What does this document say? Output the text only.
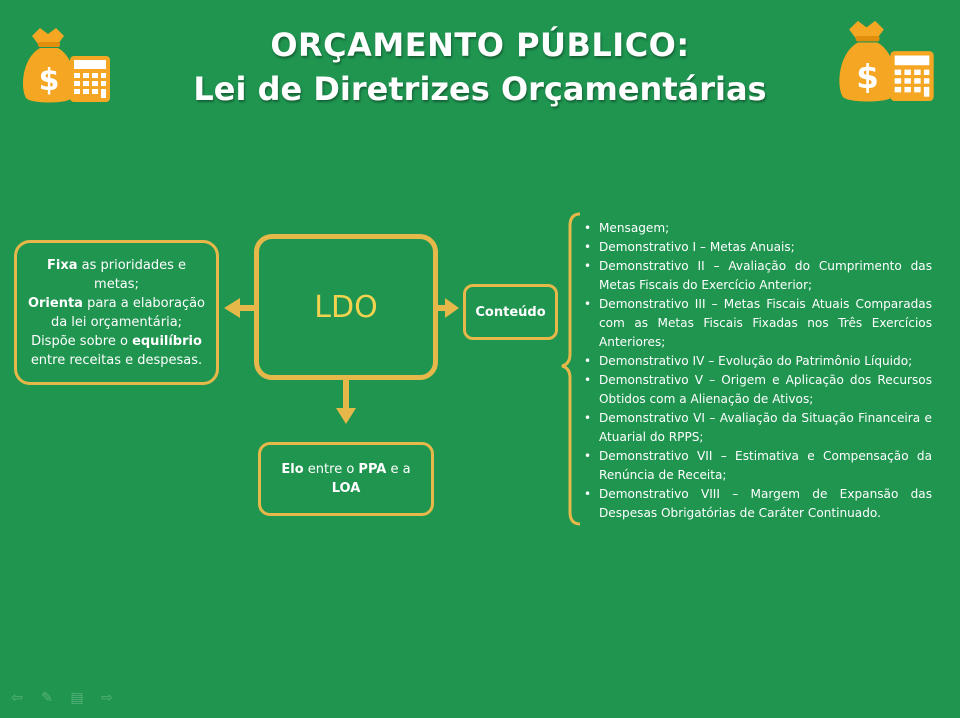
ORÇAMENTO PÚBLICO:
Lei de Diretrizes Orçamentárias
$	$
Fixa as prioridades e metas;
Orienta para a elaboração da lei orçamentária;
Dispõe sobre o equilíbrio entre receitas e despesas.
LDO	Conteúdo
Elo entre o PPA e a
LOA
• Mensagem;
• Demonstrativo I – Metas Anuais;
• Demonstrativo II – Avaliação do Cumprimento das Metas Fiscais do Exercício Anterior;
• Demonstrativo III – Metas Fiscais Atuais Comparadas com as Metas Fiscais Fixadas nos Três Exercícios Anteriores;
• Demonstrativo IV – Evolução do Patrimônio Líquido;
• Demonstrativo V – Origem e Aplicação dos Recursos Obtidos com a Alienação de Ativos;
• Demonstrativo VI – Avaliação da Situação Financeira e Atuarial do RPPS;
• Demonstrativo VII – Estimativa e Compensação da Renúncia de Receita;
• Demonstrativo VIII – Margem de Expansão das Despesas Obrigatórias de Caráter Continuado.
⇦	✎	▤	⇨
